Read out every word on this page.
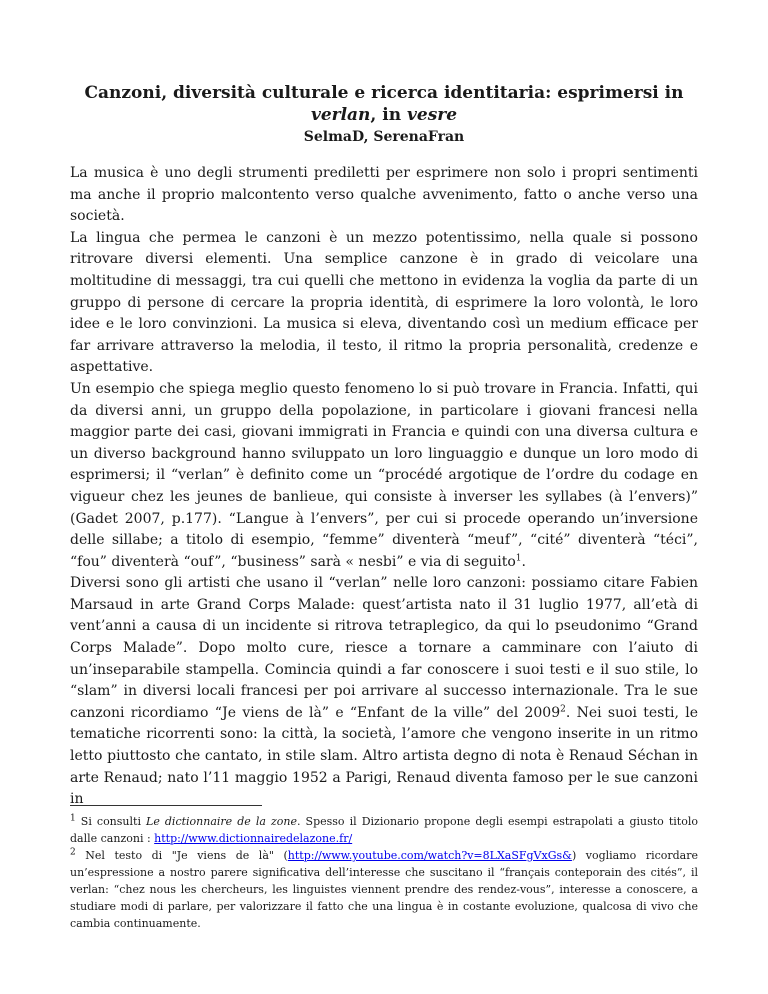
Canzoni, diversità culturale e ricerca identitaria: esprimersi in verlan, in vesre
SelmaD, SerenaFran

La musica è uno degli strumenti prediletti per esprimere non solo i propri sentimenti ma anche il proprio malcontento verso qualche avvenimento, fatto o anche verso una società.

La lingua che permea le canzoni è un mezzo potentissimo, nella quale si possono ritrovare diversi elementi. Una semplice canzone è in grado di veicolare una moltitudine di messaggi, tra cui quelli che mettono in evidenza la voglia da parte di un gruppo di persone di cercare la propria identità, di esprimere la loro volontà, le loro idee e le loro convinzioni. La musica si eleva, diventando così un medium efficace per far arrivare attraverso la melodia, il testo, il ritmo la propria personalità, credenze e aspettative.

Un esempio che spiega meglio questo fenomeno lo si può trovare in Francia. Infatti, qui da diversi anni, un gruppo della popolazione, in particolare i giovani francesi nella maggior parte dei casi, giovani immigrati in Francia e quindi con una diversa cultura e un diverso background hanno sviluppato un loro linguaggio e dunque un loro modo di esprimersi; il “verlan” è definito come un “procédé argotique de l’ordre du codage en vigueur chez les jeunes de banlieue, qui consiste à inverser les syllabes (à l’envers)” (Gadet 2007, p.177). “Langue à l’envers”, per cui si procede operando un’inversione delle sillabe; a titolo di esempio, “femme” diventerà “meuf”, “cité” diventerà “téci”, “fou” diventerà “ouf”, “business” sarà « nesbi” e via di seguito$^1$.

Diversi sono gli artisti che usano il “verlan” nelle loro canzoni: possiamo citare Fabien Marsaud in arte Grand Corps Malade: quest’artista nato il 31 luglio 1977, all’età di vent’anni a causa di un incidente si ritrova tetraplegico, da qui lo pseudonimo “Grand Corps Malade”. Dopo molto cure, riesce a tornare a camminare con l’aiuto di un’inseparabile stampella. Comincia quindi a far conoscere i suoi testi e il suo stile, lo “slam” in diversi locali francesi per poi arrivare al successo internazionale. Tra le sue canzoni ricordiamo “Je viens de là” e “Enfant de la ville” del 2009$^2$. Nei suoi testi, le tematiche ricorrenti sono: la città, la società, l’amore che vengono inserite in un ritmo letto piuttosto che cantato, in stile slam. Altro artista degno di nota è Renaud Séchan in arte Renaud; nato l’11 maggio 1952 a Parigi, Renaud diventa famoso per le sue canzoni in

$^1$ Si consulti Le dictionnaire de la zone. Spesso il Dizionario propone degli esempi estrapolati a giusto titolo dalle canzoni : http://www.dictionnairedelazone.fr/
$^2$ Nel testo di "Je viens de là" (http://www.youtube.com/watch?v=8LXaSFgVxGs&) vogliamo ricordare un’espressione a nostro parere significativa dell’interesse che suscitano il “français conteporain des cités”, il verlan: “chez nous les chercheurs, les linguistes viennent prendre des rendez-vous”, interesse a conoscere, a studiare modi di parlare, per valorizzare il fatto che una lingua è in costante evoluzione, qualcosa di vivo che cambia continuamente.
